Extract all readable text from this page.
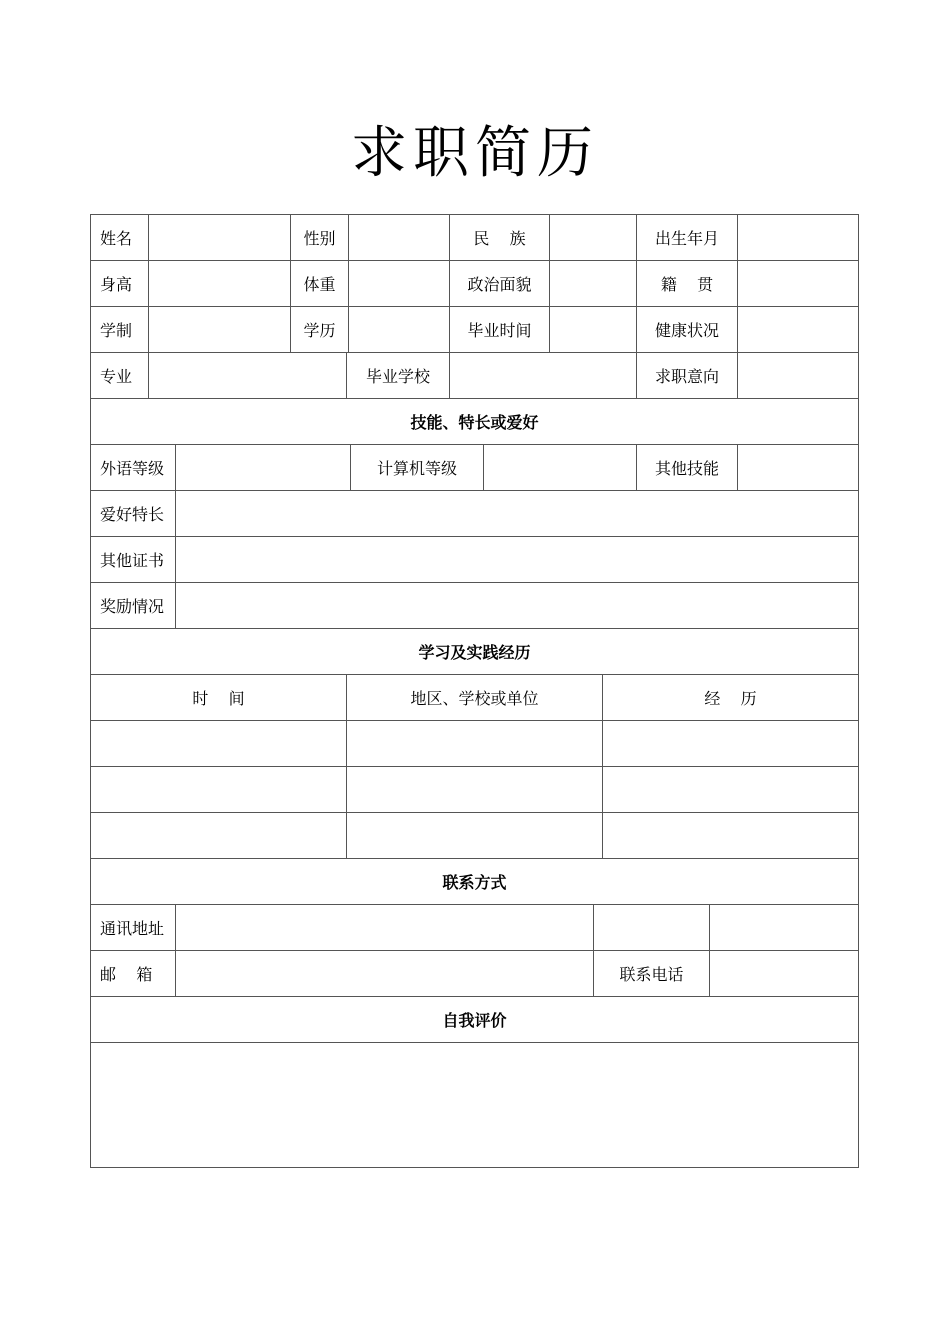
求职简历
姓名	性别	民    族	出生年月
身高	体重	政治面貌	籍    贯
学制	学历	毕业时间	健康状况
专业	毕业学校	求职意向
技能、特长或爱好
外语等级	计算机等级	其他技能
爱好特长
其他证书
奖励情况
学习及实践经历
时    间	地区、学校或单位	经    历
联系方式
通讯地址
邮    箱	联系电话
自我评价
